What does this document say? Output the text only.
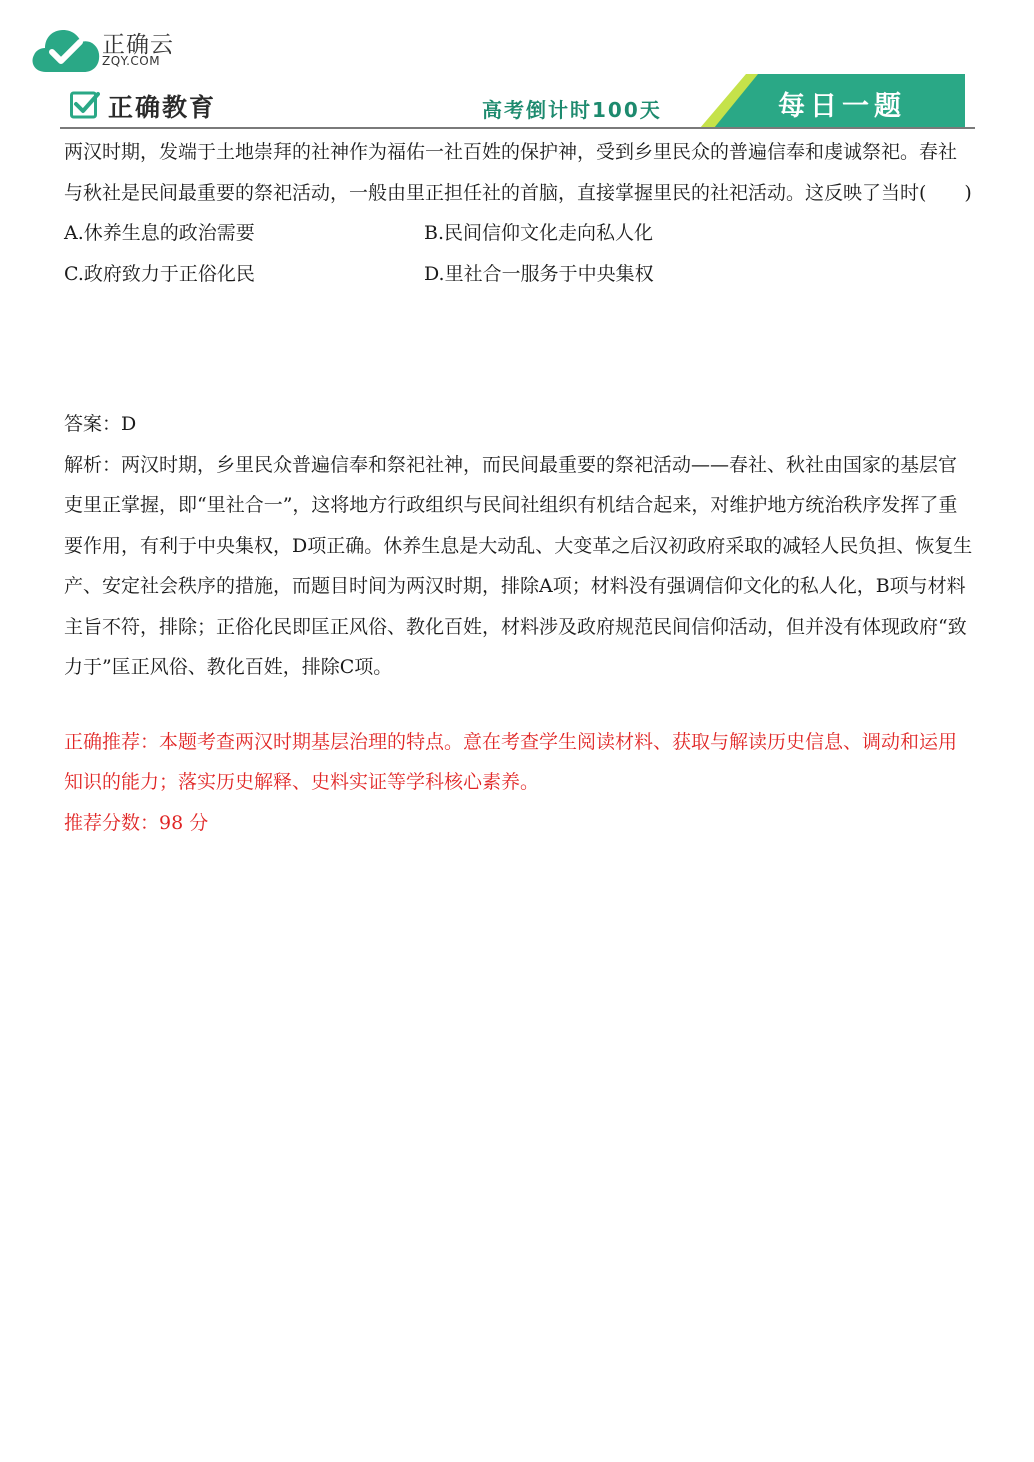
正确云
ZQY.COM
正确教育	高考倒计时100天	每日一题

两汉时期，发端于土地崇拜的社神作为福佑一社百姓的保护神，受到乡里民众的普遍信奉和虔诚祭祀。春社与秋社是民间最重要的祭祀活动，一般由里正担任社的首脑，直接掌握里民的社祀活动。这反映了当时(　　)

A.休养生息的政治需要	B.民间信仰文化走向私人化
C.政府致力于正俗化民	D.里社合一服务于中央集权

答案：D

解析：两汉时期，乡里民众普遍信奉和祭祀社神，而民间最重要的祭祀活动——春社、秋社由国家的基层官吏里正掌握，即“里社合一”，这将地方行政组织与民间社组织有机结合起来，对维护地方统治秩序发挥了重要作用，有利于中央集权，D项正确。休养生息是大动乱、大变革之后汉初政府采取的减轻人民负担、恢复生产、安定社会秩序的措施，而题目时间为两汉时期，排除A项；材料没有强调信仰文化的私人化，B项与材料主旨不符，排除；正俗化民即匡正风俗、教化百姓，材料涉及政府规范民间信仰活动，但并没有体现政府“致力于”匡正风俗、教化百姓，排除C项。

正确推荐：本题考查两汉时期基层治理的特点。意在考查学生阅读材料、获取与解读历史信息、调动和运用知识的能力；落实历史解释、史料实证等学科核心素养。

推荐分数：98 分
